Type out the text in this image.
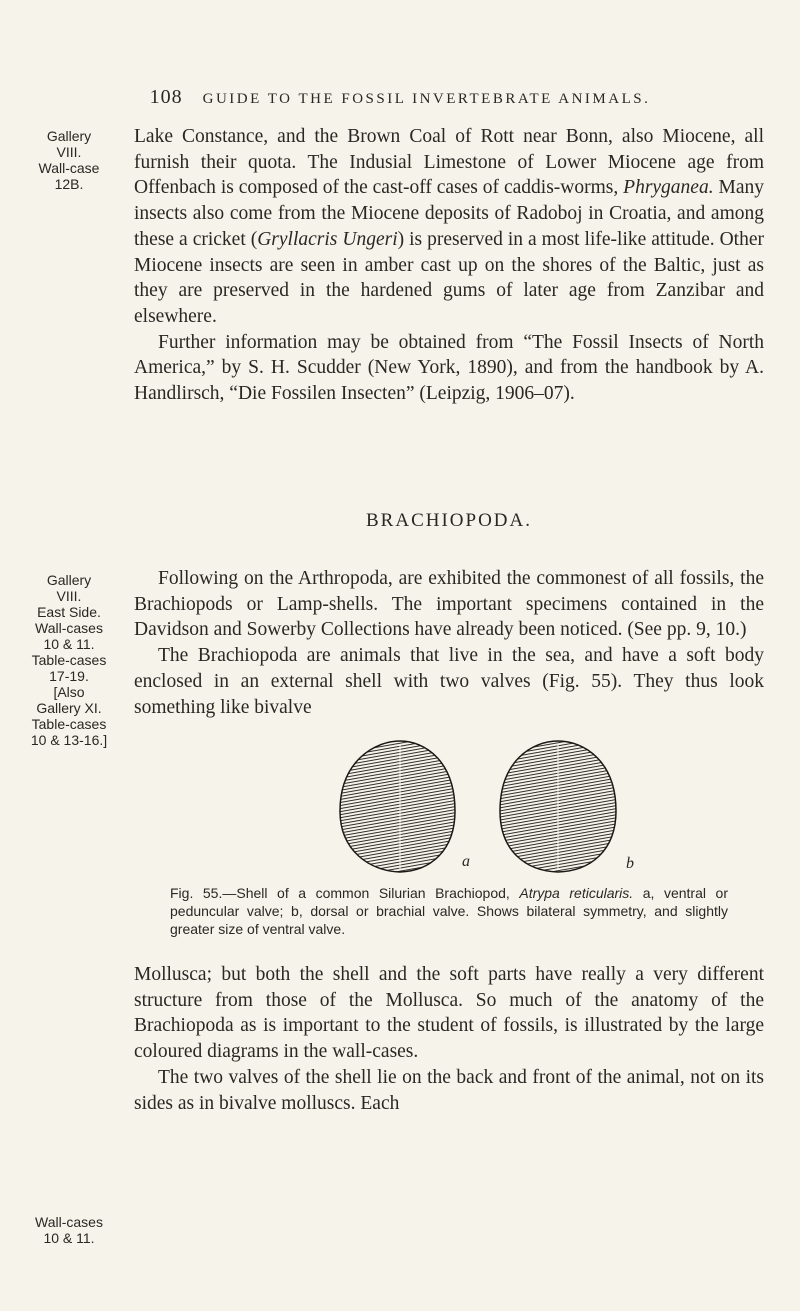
108 GUIDE TO THE FOSSIL INVERTEBRATE ANIMALS.
Gallery
VIII.
Wall-case
12B.
Gallery
VIII.
East Side.
Wall-cases
10 & 11.
Table-cases
17-19.
[Also
Gallery XI.
Table-cases
10 & 13-16.]
Wall-cases
10 & 11.

Lake Constance, and the Brown Coal of Rott near Bonn, also Miocene, all furnish their quota. The Indusial Limestone of Lower Miocene age from Offenbach is composed of the cast-off cases of caddis-worms, Phryganea. Many insects also come from the Miocene deposits of Radoboj in Croatia, and among these a cricket (Gryllacris Ungeri) is preserved in a most life-like attitude. Other Miocene insects are seen in amber cast up on the shores of the Baltic, just as they are preserved in the hardened gums of later age from Zanzibar and elsewhere.

Further information may be obtained from “The Fossil Insects of North America,” by S. H. Scudder (New York, 1890), and from the handbook by A. Handlirsch, “Die Fossilen Insecten” (Leipzig, 1906–07).

BRACHIOPODA.

Following on the Arthropoda, are exhibited the commonest of all fossils, the Brachiopods or Lamp-shells. The important specimens contained in the Davidson and Sowerby Collections have already been noticed. (See pp. 9, 10.)

The Brachiopoda are animals that live in the sea, and have a soft body enclosed in an external shell with two valves (Fig. 55). They thus look something like bivalve

a	b

Fig. 55.—Shell of a common Silurian Brachiopod, Atrypa reticularis. a, ventral or peduncular valve; b, dorsal or brachial valve. Shows bilateral symmetry, and slightly greater size of ventral valve.

Mollusca; but both the shell and the soft parts have really a very different structure from those of the Mollusca. So much of the anatomy of the Brachiopoda as is important to the student of fossils, is illustrated by the large coloured diagrams in the wall-cases.

The two valves of the shell lie on the back and front of the animal, not on its sides as in bivalve molluscs. Each
